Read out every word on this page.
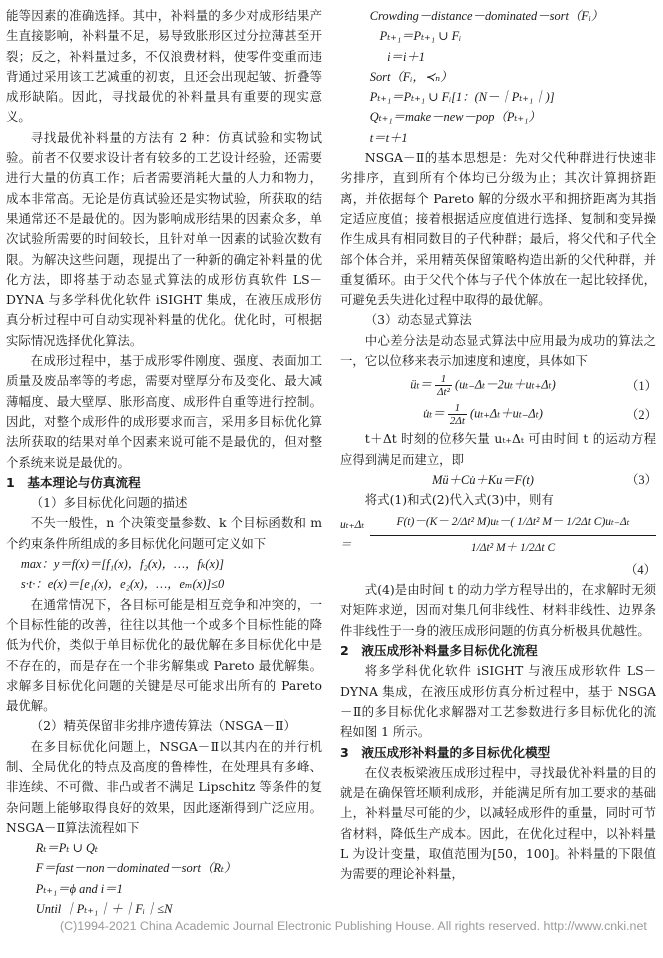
能等因素的准确选择。其中，补料量的多少对成形结果产生直接影响，补料量不足，易导致胀形区过分拉薄甚至开裂；反之，补料量过多，不仅浪费材料，使零件变重而违背通过采用该工艺减重的初衷，且还会出现起皱、折叠等成形缺陷。因此，寻找最优的补料量具有重要的现实意义。

寻找最优补料量的方法有 2 种：仿真试验和实物试验。前者不仅要求设计者有较多的工艺设计经验，还需要进行大量的仿真工作；后者需要消耗大量的人力和物力，成本非常高。无论是仿真试验还是实物试验，所获取的结果通常还不是最优的。因为影响成形结果的因素众多，单次试验所需要的时间较长，且针对单一因素的试验次数有限。为解决这些问题，现提出了一种新的确定补料量的优化方法，即将基于动态显式算法的成形仿真软件 LS－DYNA 与多学科优化软件 iSIGHT 集成，在液压成形仿真分析过程中可自动实现补料量的优化。优化时，可根据实际情况选择优化算法。

在成形过程中，基于成形零件刚度、强度、表面加工质量及废品率等的考虑，需要对壁厚分布及变化、最大减薄幅度、最大壁厚、胀形高度、成形件自重等进行控制。因此，对整个成形件的成形要求而言，采用多目标优化算法所获取的结果对单个因素来说可能不是最优的，但对整个系统来说是最优的。

1　基本理论与仿真流程

（1）多目标优化问题的描述

不失一般性，n 个决策变量参数、k 个目标函数和 m 个约束条件所组成的多目标优化问题可定义如下

max：y＝f(x)＝[f₁(x)，f₂(x)，…，fₖ(x)]

s·t·：e(x)＝[e₁(x)，e₂(x)，…，eₘ(x)]≤0

在通常情况下，各目标可能是相互竞争和冲突的，一个目标性能的改善，往往以其他一个或多个目标性能的降低为代价，类似于单目标优化的最优解在多目标优化中是不存在的，而是存在一个非劣解集或 Pareto 最优解集。求解多目标优化问题的关键是尽可能求出所有的 Pareto 最优解。

（2）精英保留非劣排序遗传算法（NSGA－Ⅱ）

在多目标优化问题上，NSGA－Ⅱ以其内在的并行机制、全局优化的特点及高度的鲁棒性，在处理具有多峰、非连续、不可微、非凸或者不满足 Lipschitz 等条件的复杂问题上能够取得良好的效果，因此逐渐得到广泛应用。NSGA－Ⅱ算法流程如下

Rₜ＝Pₜ ∪ Qₜ

F＝fast－non－dominated－sort（Rₜ）

Pₜ₊₁＝ϕ and i＝1

Until ｜Pₜ₊₁｜＋｜Fᵢ｜≤N

Crowding－distance－dominated－sort（Fᵢ）

Pₜ₊₁＝Pₜ₊₁ ∪ Fᵢ

i＝i＋1

Sort（Fᵢ，≺ₙ）

Pₜ₊₁＝Pₜ₊₁ ∪ Fᵢ[1：(N－｜Pₜ₊₁｜)]

Qₜ₊₁＝make－new－pop（Pₜ₊₁）

t＝t＋1

NSGA－Ⅱ的基本思想是：先对父代种群进行快速非劣排序，直到所有个体均已分级为止；其次计算拥挤距离，并依据每个 Pareto 解的分级水平和拥挤距离为其指定适应度值；接着根据适应度值进行选择、复制和变异操作生成具有相同数目的子代种群；最后，将父代和子代全部个体合并，采用精英保留策略构造出新的父代种群，并重复循环。由于父代个体与子代个体放在一起比较择优，可避免丢失进化过程中取得的最优解。

（3）动态显式算法

中心差分法是动态显式算法中应用最为成功的算法之一，它以位移来表示加速度和速度，具体如下

üₜ＝ $\frac{1}{\text{Δt²}} (u_{t-}\Delta_t-2u_t+u_{t+}\Delta_t)$	（1）
u̇ₜ＝ $\frac{1}{2\Delta t} (u_{t+}\Delta_t+u_{t-}\Delta_t)$	（2）

t＋Δt 时刻的位移矢量 uₜ₊Δₜ 可由时间 t 的运动方程应得到满足而建立，即

Mü＋Cu̇＋Ku＝F(t)	（3）

将式(1)和式(2)代入式(3)中，则有

uₜ₊Δₜ＝	$\frac{\text{F(t)－(K－ 2/Δt² M)uₜ－( 1/Δt² M－ 1/2Δt C)uₜ₋Δₜ}}{\text{1/Δt² M＋ 1/2Δt C}}$
（4）

式(4)是由时间 t 的动力学方程导出的，在求解时无须对矩阵求逆，因而对集几何非线性、材料非线性、边界条件非线性于一身的液压成形问题的仿真分析极具优越性。

2　液压成形补料量多目标优化流程

将多学科优化软件 iSIGHT 与液压成形软件 LS－DYNA 集成，在液压成形仿真分析过程中，基于 NSGA－Ⅱ的多目标优化求解器对工艺参数进行多目标优化的流程如图 1 所示。

3　液压成形补料量的多目标优化模型

在仪表板梁液压成形过程中，寻找最优补料量的目的就是在确保管坯顺利成形，并能满足所有加工要求的基础上，补料量尽可能的少，以减轻成形件的重量，同时可节省材料，降低生产成本。因此，在优化过程中，以补料量 L 为设计变量，取值范围为[50，100]。补料量的下限值为需要的理论补料量，

(C)1994-2021 China Academic Journal Electronic Publishing House. All rights reserved. http://www.cnki.net
